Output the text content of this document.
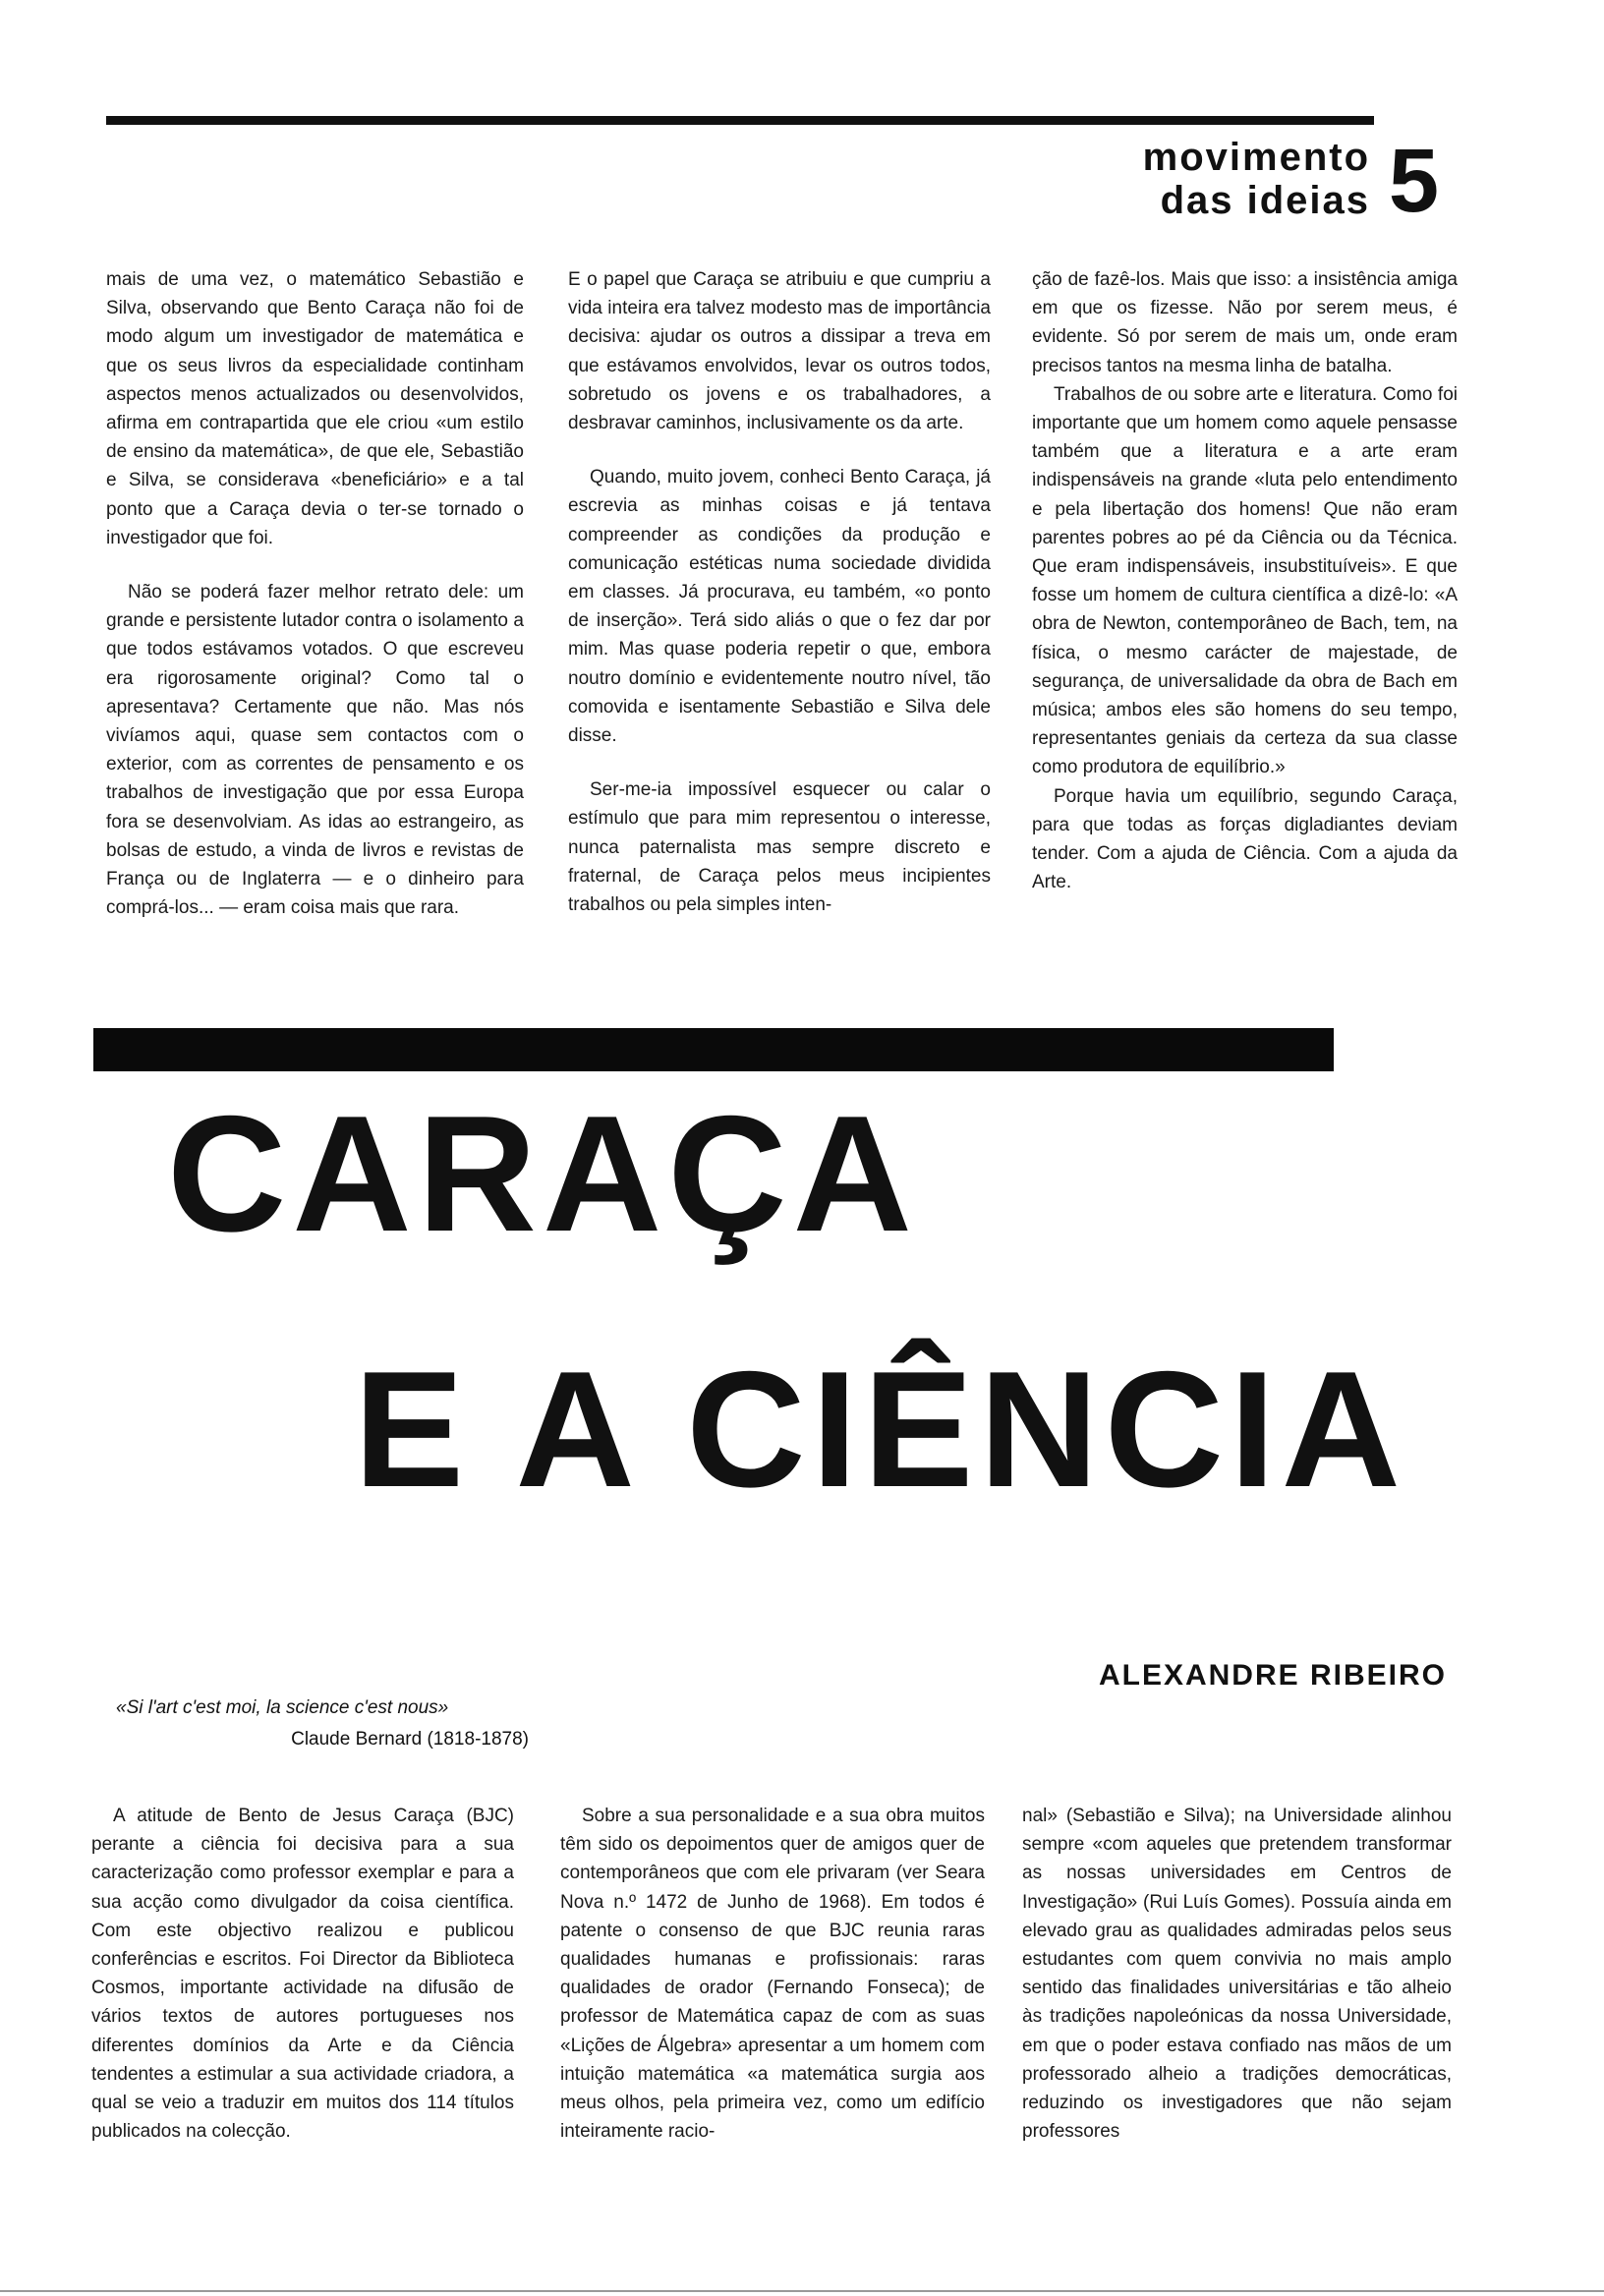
movimento
das ideias 5

mais de uma vez, o matemático Sebastião e Silva, observando que Bento Caraça não foi de modo algum um investigador de matemática e que os seus livros da especialidade continham aspectos menos actualizados ou desenvolvidos, afirma em contrapartida que ele criou «um estilo de ensino da matemática», de que ele, Sebastião e Silva, se considerava «beneficiário» e a tal ponto que a Caraça devia o ter-se tornado o investigador que foi.

Não se poderá fazer melhor retrato dele: um grande e persistente lutador contra o isolamento a que todos estávamos votados. O que escreveu era rigorosamente original? Como tal o apresentava? Certamente que não. Mas nós vivíamos aqui, quase sem contactos com o exterior, com as correntes de pensamento e os trabalhos de investigação que por essa Europa fora se desenvolviam. As idas ao estrangeiro, as bolsas de estudo, a vinda de livros e revistas de França ou de Inglaterra — e o dinheiro para comprá-los... — eram coisa mais que rara.

E o papel que Caraça se atribuiu e que cumpriu a vida inteira era talvez modesto mas de importância decisiva: ajudar os outros a dissipar a treva em que estávamos envolvidos, levar os outros todos, sobretudo os jovens e os trabalhadores, a desbravar caminhos, inclusivamente os da arte.

Quando, muito jovem, conheci Bento Caraça, já escrevia as minhas coisas e já tentava compreender as condições da produção e comunicação estéticas numa sociedade dividida em classes. Já procurava, eu também, «o ponto de inserção». Terá sido aliás o que o fez dar por mim. Mas quase poderia repetir o que, embora noutro domínio e evidentemente noutro nível, tão comovida e isentamente Sebastião e Silva dele disse.

Ser-me-ia impossível esquecer ou calar o estímulo que para mim representou o interesse, nunca paternalista mas sempre discreto e fraternal, de Caraça pelos meus incipientes trabalhos ou pela simples inten-

ção de fazê-los. Mais que isso: a insistência amiga em que os fizesse. Não por serem meus, é evidente. Só por serem de mais um, onde eram precisos tantos na mesma linha de batalha.

Trabalhos de ou sobre arte e literatura. Como foi importante que um homem como aquele pensasse também que a literatura e a arte eram indispensáveis na grande «luta pelo entendimento e pela libertação dos homens! Que não eram parentes pobres ao pé da Ciência ou da Técnica. Que eram indispensáveis, insubstituíveis». E que fosse um homem de cultura científica a dizê-lo: «A obra de Newton, contemporâneo de Bach, tem, na física, o mesmo carácter de majestade, de segurança, de universalidade da obra de Bach em música; ambos eles são homens do seu tempo, representantes geniais da certeza da sua classe como produtora de equilíbrio.»

Porque havia um equilíbrio, segundo Caraça, para que todas as forças digladiantes deviam tender. Com a ajuda de Ciência. Com a ajuda da Arte.

CARAÇA
E A CIÊNCIA
ALEXANDRE RIBEIRO
«Si l'art c'est moi, la science c'est nous»
Claude Bernard (1818-1878)

A atitude de Bento de Jesus Caraça (BJC) perante a ciência foi decisiva para a sua caracterização como professor exemplar e para a sua acção como divulgador da coisa científica. Com este objectivo realizou e publicou conferências e escritos. Foi Director da Biblioteca Cosmos, importante actividade na difusão de vários textos de autores portugueses nos diferentes domínios da Arte e da Ciência tendentes a estimular a sua actividade criadora, a qual se veio a traduzir em muitos dos 114 títulos publicados na colecção.

Sobre a sua personalidade e a sua obra muitos têm sido os depoimentos quer de amigos quer de contemporâneos que com ele privaram (ver Seara Nova n.º 1472 de Junho de 1968). Em todos é patente o consenso de que BJC reunia raras qualidades humanas e profissionais: raras qualidades de orador (Fernando Fonseca); de professor de Matemática capaz de com as suas «Lições de Álgebra» apresentar a um homem com intuição matemática «a matemática surgia aos meus olhos, pela primeira vez, como um edifício inteiramente racio-

nal» (Sebastião e Silva); na Universidade alinhou sempre «com aqueles que pretendem transformar as nossas universidades em Centros de Investigação» (Rui Luís Gomes). Possuía ainda em elevado grau as qualidades admiradas pelos seus estudantes com quem convivia no mais amplo sentido das finalidades universitárias e tão alheio às tradições napoleónicas da nossa Universidade, em que o poder estava confiado nas mãos de um professorado alheio a tradições democráticas, reduzindo os investigadores que não sejam professores
